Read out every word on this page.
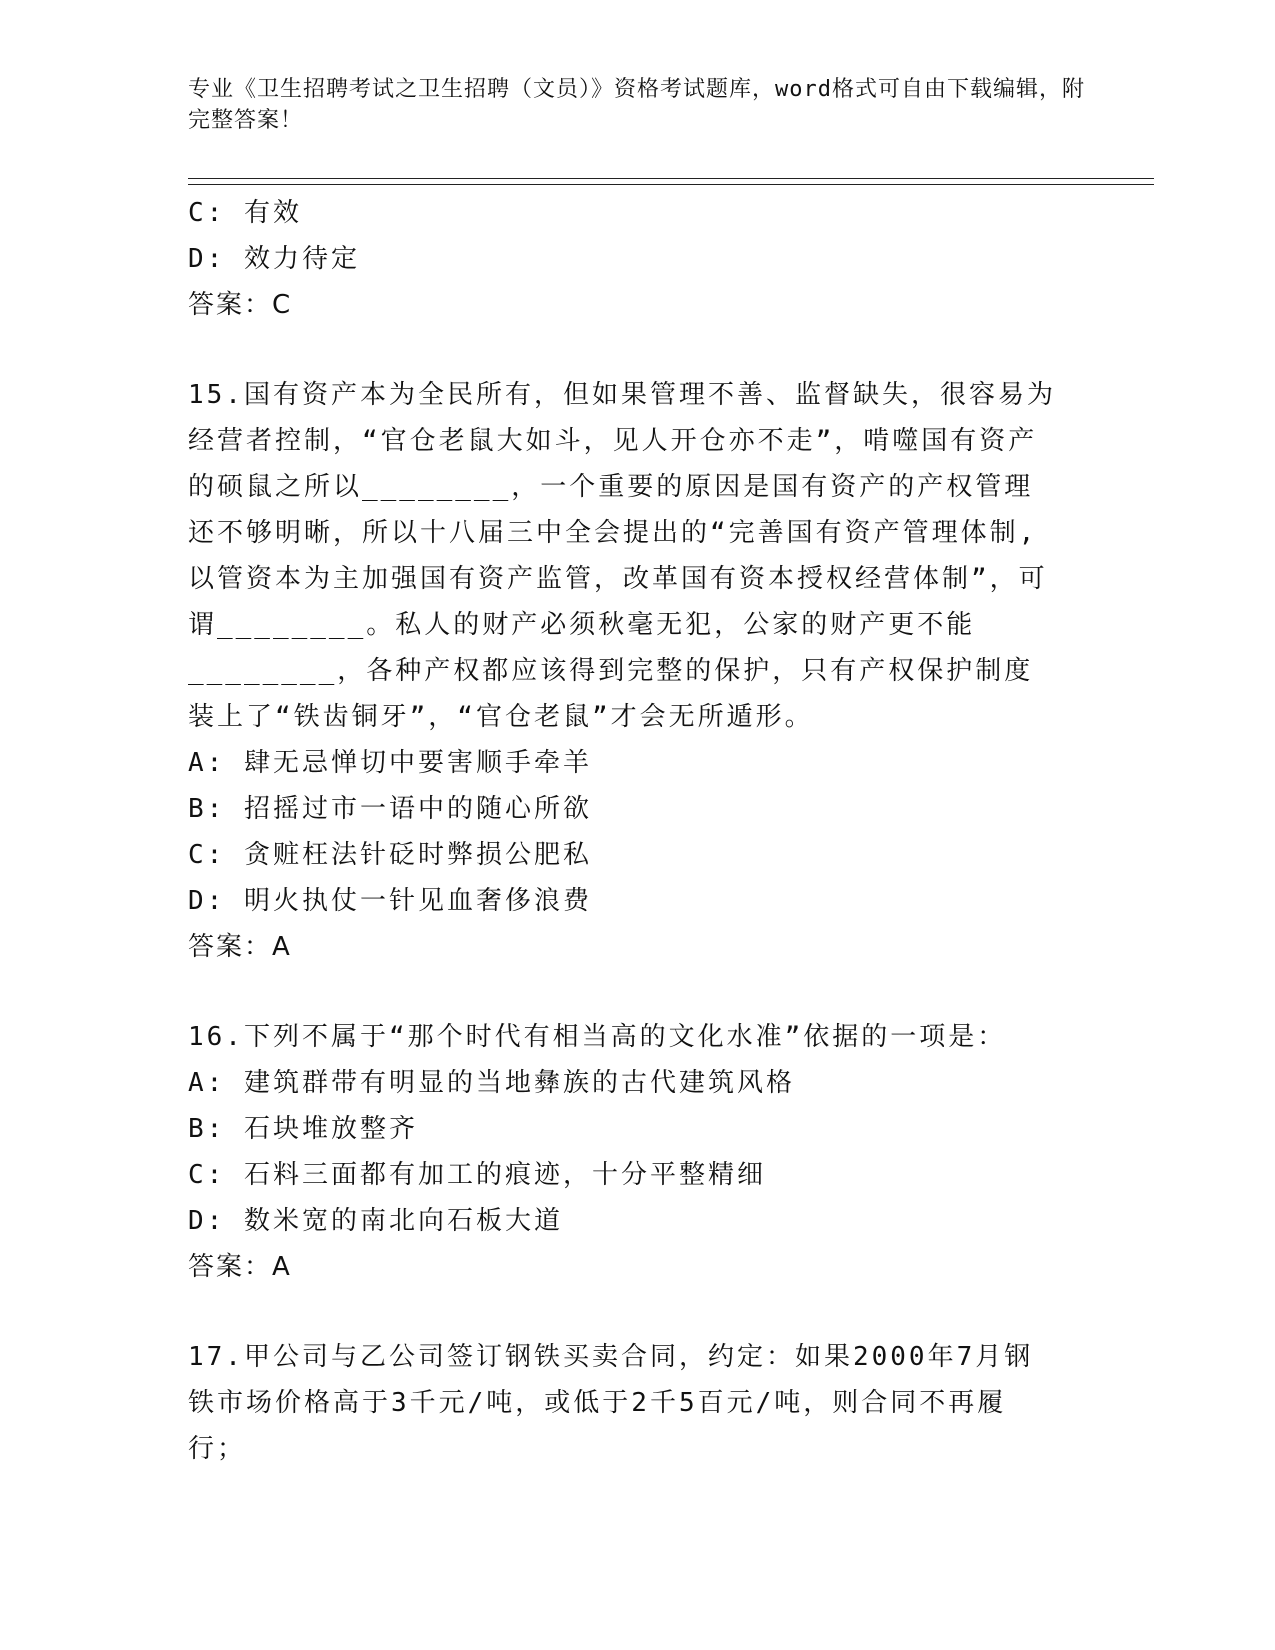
专业《卫生招聘考试之卫生招聘（文员）》资格考试题库，word格式可自由下载编辑，附完整答案！

C: 有效

D: 效力待定

答案：C

15.国有资产本为全民所有，但如果管理不善、监督缺失，很容易为经营者控制，“官仓老鼠大如斗，见人开仓亦不走”，啃噬国有资产的硕鼠之所以________，一个重要的原因是国有资产的产权管理还不够明晰，所以十八届三中全会提出的“完善国有资产管理体制,以管资本为主加强国有资产监管，改革国有资本授权经营体制”，可谓________。私人的财产必须秋毫无犯，公家的财产更不能________，各种产权都应该得到完整的保护，只有产权保护制度装上了“铁齿铜牙”，“官仓老鼠”才会无所遁形。

A: 肆无忌惮切中要害顺手牵羊

B: 招摇过市一语中的随心所欲

C: 贪赃枉法针砭时弊损公肥私

D: 明火执仗一针见血奢侈浪费

答案：A

16.下列不属于“那个时代有相当高的文化水准”依据的一项是：

A: 建筑群带有明显的当地彝族的古代建筑风格

B: 石块堆放整齐

C: 石料三面都有加工的痕迹，十分平整精细

D: 数米宽的南北向石板大道

答案：A

17.甲公司与乙公司签订钢铁买卖合同，约定：如果2000年7月钢铁市场价格高于3千元/吨，或低于2千5百元/吨，则合同不再履行；
